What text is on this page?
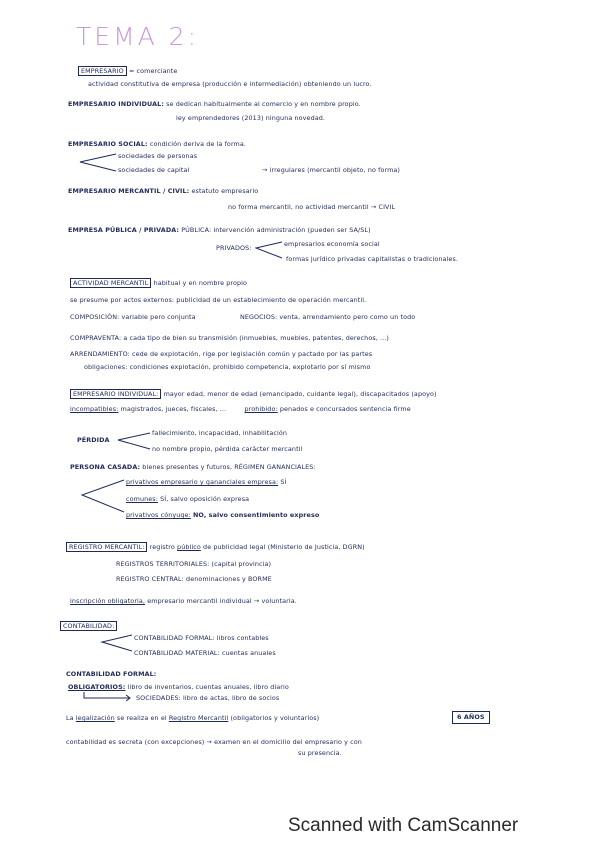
TEMA 2:
EMPRESARIO = comerciante
actividad constitutiva de empresa (producción e intermediación) obteniendo un lucro.
EMPRESARIO INDIVIDUAL: se dedican habitualmente al comercio y en nombre propio.
ley emprendedores (2013) ninguna novedad.
EMPRESARIO SOCIAL: condición deriva de la forma.
sociedades de personas
sociedades de capital	→ irregulares (mercantil objeto, no forma)
EMPRESARIO MERCANTIL / CIVIL: estatuto empresario
no forma mercantil, no actividad mercantil → CIVIL
EMPRESA PÚBLICA / PRIVADA: PÚBLICA: intervención administración (pueden ser SA/SL)
PRIVADOS:	empresarios economía social
formas jurídico privadas capitalistas o tradicionales.
ACTIVIDAD MERCANTIL habitual y en nombre propio
se presume por actos externos: publicidad de un establecimiento de operación mercantil.
COMPOSICIÓN: variable pero conjunta	NEGOCIOS: venta, arrendamiento pero como un todo
COMPRAVENTA: a cada tipo de bien su transmisión (inmuebles, muebles, patentes, derechos, ...)
ARRENDAMIENTO: cede de explotación, rige por legislación común y pactado por las partes
obligaciones: condiciones explotación, prohibido competencia, explotarlo por sí mismo
EMPRESARIO INDIVIDUAL: mayor edad, menor de edad (emancipado, cuidante legal), discapacitados (apoyo)
incompatibles: magistrados, jueces, fiscales, ...	prohibido: penados e concursados sentencia firme
PÉRDIDA
fallecimiento, incapacidad, inhabilitación
no nombre propio, pérdida carácter mercantil
PERSONA CASADA: bienes presentes y futuros, RÉGIMEN GANANCIALES:
privativos empresario y gananciales empresa: SÍ
comunes: SÍ, salvo oposición expresa
privativos cónyuge: NO, salvo consentimiento expreso
REGISTRO MERCANTIL: registro público de publicidad legal (Ministerio de Justicia, DGRN)
REGISTROS TERRITORIALES: (capital provincia)
REGISTRO CENTRAL: denominaciones y BORME
inscripción obligatoria, empresario mercantil individual → voluntaria.
CONTABILIDAD:
CONTABILIDAD FORMAL: libros contables
CONTABILIDAD MATERIAL: cuentas anuales
CONTABILIDAD FORMAL:
OBLIGATORIOS: libro de inventarios, cuentas anuales, libro diario
SOCIEDADES: libro de actas, libro de socios
La legalización se realiza en el Registro Mercantil (obligatorios y voluntarios)	6 AÑOS
contabilidad es secreta (con excepciones) → examen en el domicilio del empresario y con
su presencia.
Scanned with CamScanner
